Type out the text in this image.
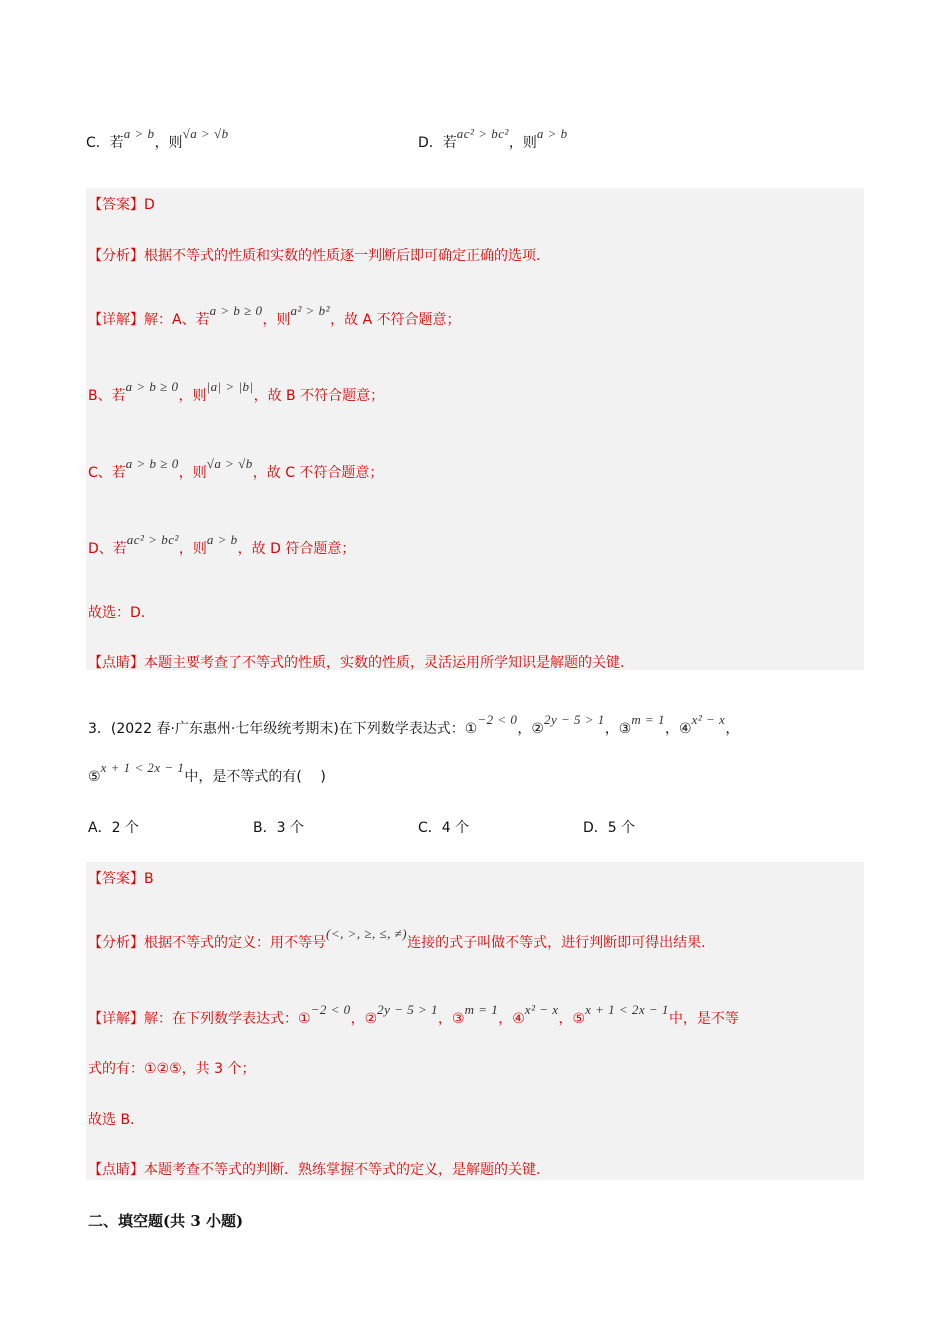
C．若a > b，则√a > √b
D．若ac² > bc²，则a > b
【答案】D
【分析】根据不等式的性质和实数的性质逐一判断后即可确定正确的选项.
【详解】解：A、若a > b ≥ 0，则a² > b²，故 A 不符合题意；
B、若a > b ≥ 0，则|a| > |b|，故 B 不符合题意；
C、若a > b ≥ 0，则√a > √b，故 C 不符合题意；
D、若ac² > bc²，则a > b，故 D 符合题意；
故选：D.
【点睛】本题主要考查了不等式的性质，实数的性质，灵活运用所学知识是解题的关键.
3．(2022 春·广东惠州·七年级统考期末)在下列数学表达式：①−2 < 0，②2y − 5 > 1，③m = 1，④x² − x，
⑤x + 1 < 2x − 1中，是不等式的有(　 )
A．2 个	B．3 个	C．4 个	D．5 个
【答案】B
【分析】根据不等式的定义：用不等号(<, >, ≥, ≤, ≠)连接的式子叫做不等式，进行判断即可得出结果.
【详解】解：在下列数学表达式：①−2 < 0，②2y − 5 > 1，③m = 1，④x² − x，⑤x + 1 < 2x − 1中，是不等
式的有：①②⑤，共 3 个；
故选 B.
【点睛】本题考查不等式的判断．熟练掌握不等式的定义，是解题的关键.
二、填空题(共 3 小题)
